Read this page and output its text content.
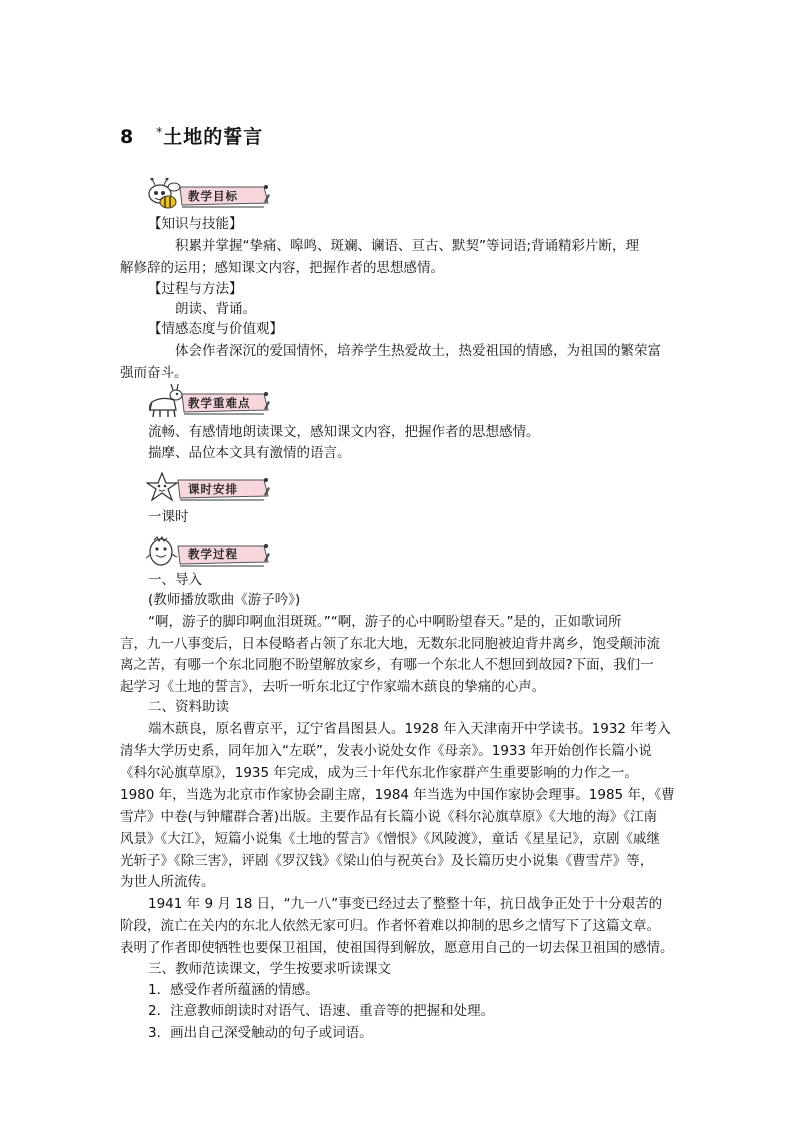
8 *土地的誓言
教学目标
【知识与技能】
积累并掌握“挚痛、嗥鸣、斑斓、谰语、亘古、默契”等词语;背诵精彩片断，理
解修辞的运用；感知课文内容，把握作者的思想感情。
【过程与方法】
朗读、背诵。
【情感态度与价值观】
体会作者深沉的爱国情怀，培养学生热爱故土，热爱祖国的情感，为祖国的繁荣富
强而奋斗。
教学重难点
流畅、有感情地朗读课文，感知课文内容，把握作者的思想感情。
揣摩、品位本文具有激情的语言。
课时安排
一课时
教学过程
一、导入
(教师播放歌曲《游子吟》)
“啊，游子的脚印啊血泪斑斑。”“啊，游子的心中啊盼望春天。”是的，正如歌词所
言，九一八事变后，日本侵略者占领了东北大地，无数东北同胞被迫背井离乡，饱受颠沛流
离之苦，有哪一个东北同胞不盼望解放家乡，有哪一个东北人不想回到故园?下面，我们一
起学习《土地的誓言》，去听一听东北辽宁作家端木蕻良的挚痛的心声。
二、资料助读
端木蕻良，原名曹京平，辽宁省昌图县人。1928 年入天津南开中学读书。1932 年考入
清华大学历史系，同年加入“左联”，发表小说处女作《母亲》。1933 年开始创作长篇小说
《科尔沁旗草原》，1935 年完成，成为三十年代东北作家群产生重要影响的力作之一。
1980 年，当选为北京市作家协会副主席，1984 年当选为中国作家协会理事。1985 年，《曹
雪芹》中卷(与钟耀群合著)出版。主要作品有长篇小说《科尔沁旗草原》《大地的海》《江南
风景》《大江》，短篇小说集《土地的誓言》《憎恨》《风陵渡》，童话《星星记》，京剧《戚继
光斩子》《除三害》，评剧《罗汉钱》《梁山伯与祝英台》及长篇历史小说集《曹雪芹》等，
为世人所流传。
1941 年 9 月 18 日，“九一八”事变已经过去了整整十年，抗日战争正处于十分艰苦的
阶段，流亡在关内的东北人依然无家可归。作者怀着难以抑制的思乡之情写下了这篇文章。
表明了作者即使牺牲也要保卫祖国，使祖国得到解放，愿意用自己的一切去保卫祖国的感情。
三、教师范读课文，学生按要求听读课文
1．感受作者所蕴涵的情感。
2．注意教师朗读时对语气、语速、重音等的把握和处理。
3．画出自己深受触动的句子或词语。
